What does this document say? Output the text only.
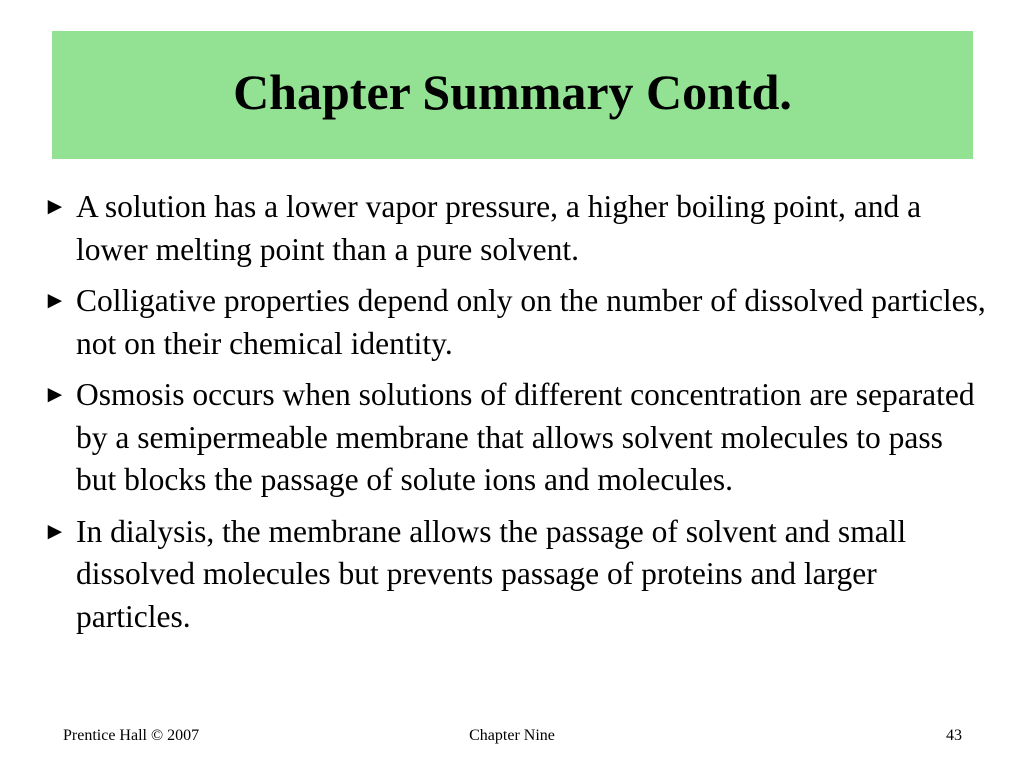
Chapter Summary Contd.
► A solution has a lower vapor pressure, a higher boiling point, and a lower melting point than a pure solvent.
► Colligative properties depend only on the number of dissolved particles, not on their chemical identity.
► Osmosis occurs when solutions of different concentration are separated by a semipermeable membrane that allows solvent molecules to pass but blocks the passage of solute ions and molecules.
► In dialysis, the membrane allows the passage of solvent and small dissolved molecules but prevents passage of proteins and larger particles.
Prentice Hall © 2007	Chapter Nine	43
